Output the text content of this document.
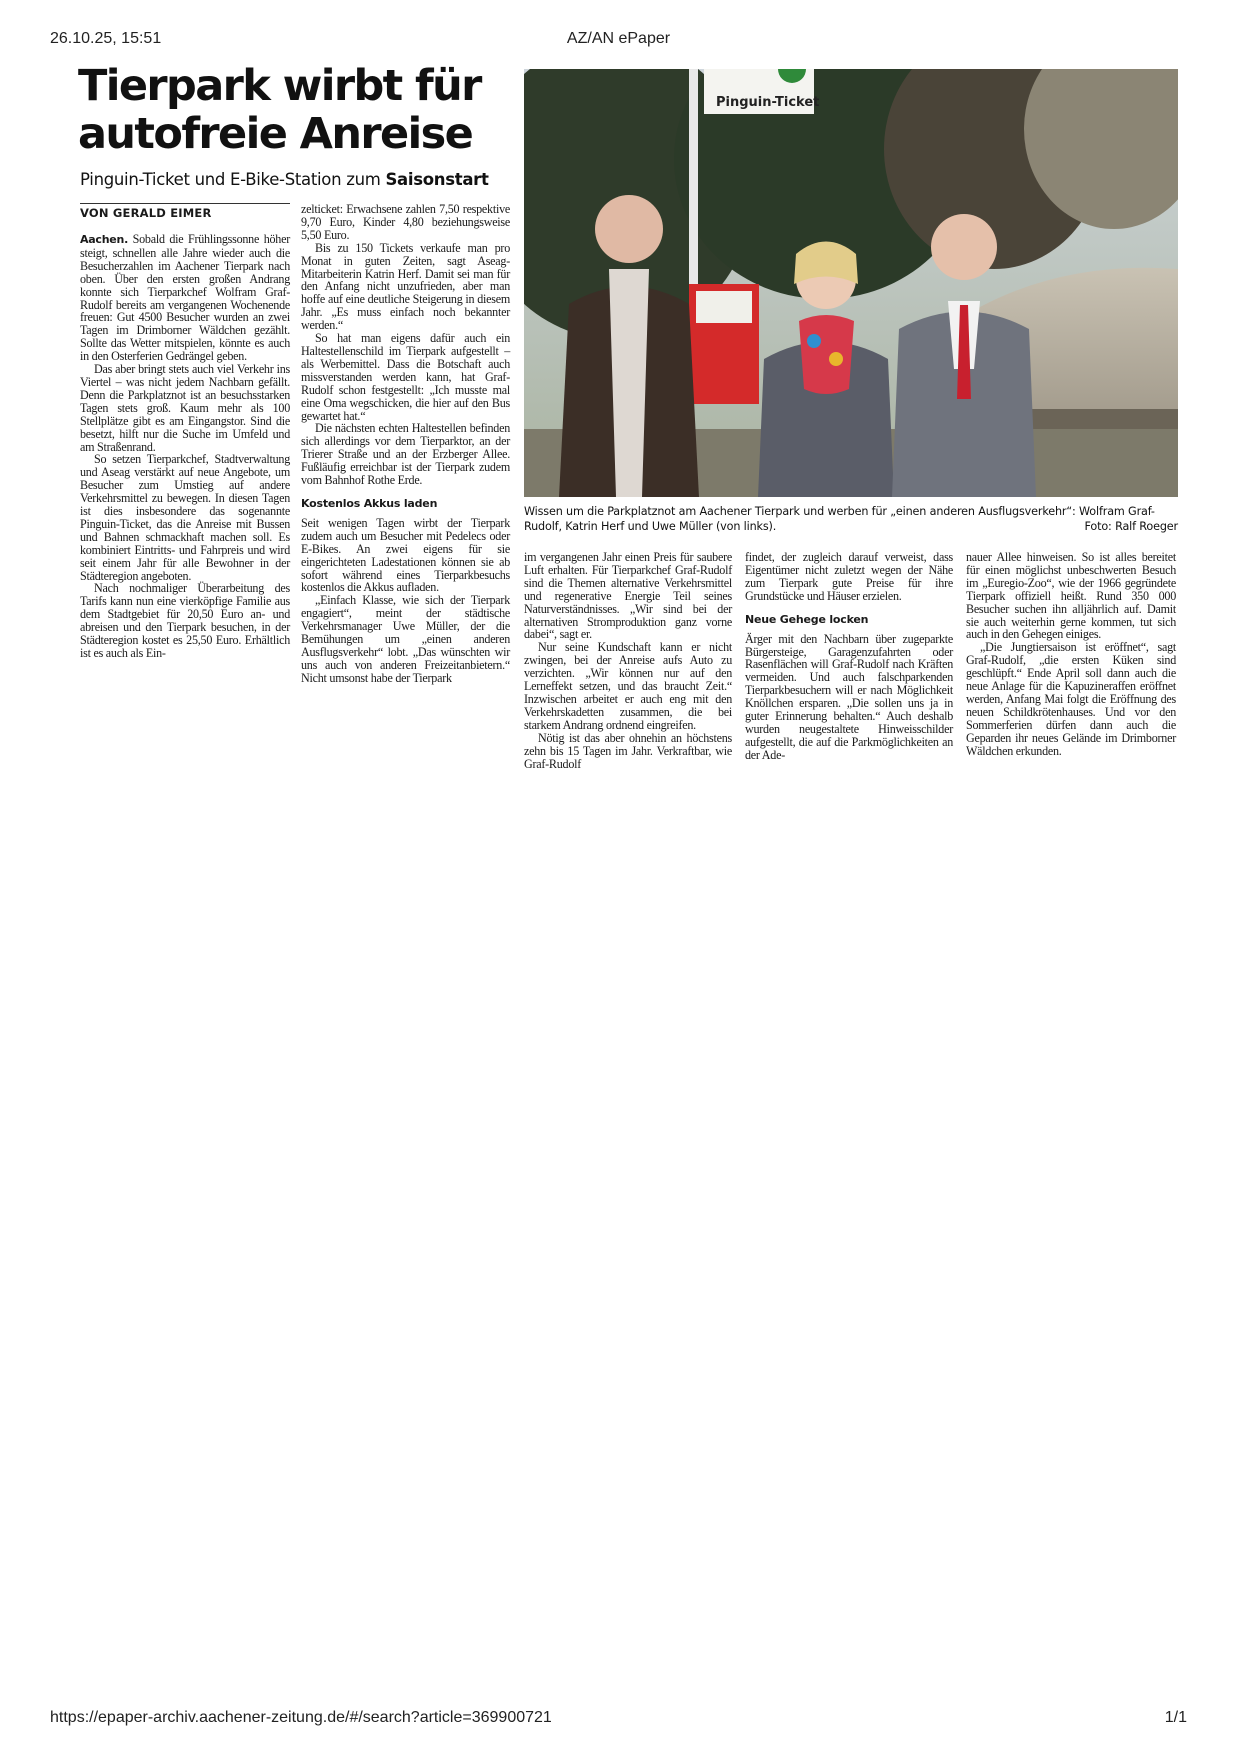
26.10.25, 15:51	AZ/AN ePaper
Tierpark wirbt für
autofreie Anreise
Pinguin-Ticket und E-Bike-Station zum Saisonstart
VON GERALD EIMER
Pinguin-Ticket
Wissen um die Parkplatznot am Aachener Tierpark und werben für „einen anderen Ausflugsverkehr“: Wolfram Graf-Rudolf, Katrin Herf und Uwe Müller (von links).	Foto: Ralf Roeger

Aachen. Sobald die Frühlingssonne höher steigt, schnellen alle Jahre wieder auch die Besucherzahlen im Aachener Tierpark nach oben. Über den ersten großen Andrang konnte sich Tierparkchef Wolfram Graf-Rudolf bereits am vergangenen Wochenende freuen: Gut 4500 Besucher wurden an zwei Tagen im Drimborner Wäldchen gezählt. Sollte das Wetter mitspielen, könnte es auch in den Osterferien Gedrängel geben.

Das aber bringt stets auch viel Verkehr ins Viertel – was nicht jedem Nachbarn gefällt. Denn die Parkplatznot ist an besuchsstarken Tagen stets groß. Kaum mehr als 100 Stellplätze gibt es am Eingangstor. Sind die besetzt, hilft nur die Suche im Umfeld und am Straßenrand.

So setzen Tierparkchef, Stadtverwaltung und Aseag verstärkt auf neue Angebote, um Besucher zum Umstieg auf andere Verkehrsmittel zu bewegen. In diesen Tagen ist dies insbesondere das sogenannte Pinguin-Ticket, das die Anreise mit Bussen und Bahnen schmackhaft machen soll. Es kombiniert Eintritts- und Fahrpreis und wird seit einem Jahr für alle Bewohner in der Städteregion angeboten.

Nach nochmaliger Überarbeitung des Tarifs kann nun eine vierköpfige Familie aus dem Stadtgebiet für 20,50 Euro an- und abreisen und den Tierpark besuchen, in der Städteregion kostet es 25,50 Euro. Erhältlich ist es auch als Ein-

zelticket: Erwachsene zahlen 7,50 respektive 9,70 Euro, Kinder 4,80 beziehungsweise 5,50 Euro.

Bis zu 150 Tickets verkaufe man pro Monat in guten Zeiten, sagt Aseag-Mitarbeiterin Katrin Herf. Damit sei man für den Anfang nicht unzufrieden, aber man hoffe auf eine deutliche Steigerung in diesem Jahr. „Es muss einfach noch bekannter werden.“

So hat man eigens dafür auch ein Haltestellenschild im Tierpark aufgestellt – als Werbemittel. Dass die Botschaft auch missverstanden werden kann, hat Graf-Rudolf schon festgestellt: „Ich musste mal eine Oma wegschicken, die hier auf den Bus gewartet hat.“

Die nächsten echten Haltestellen befinden sich allerdings vor dem Tierparktor, an der Trierer Straße und an der Erzberger Allee. Fußläufig erreichbar ist der Tierpark zudem vom Bahnhof Rothe Erde.

Kostenlos Akkus laden

Seit wenigen Tagen wirbt der Tierpark zudem auch um Besucher mit Pedelecs oder E-Bikes. An zwei eigens für sie eingerichteten Ladestationen können sie ab sofort während eines Tierparkbesuchs kostenlos die Akkus aufladen.

„Einfach Klasse, wie sich der Tierpark engagiert“, meint der städtische Verkehrsmanager Uwe Müller, der die Bemühungen um „einen anderen Ausflugsverkehr“ lobt. „Das wünschten wir uns auch von anderen Freizeitanbietern.“ Nicht umsonst habe der Tierpark

im vergangenen Jahr einen Preis für saubere Luft erhalten. Für Tierparkchef Graf-Rudolf sind die Themen alternative Verkehrsmittel und regenerative Energie Teil seines Naturverständnisses. „Wir sind bei der alternativen Stromproduktion ganz vorne dabei“, sagt er.

Nur seine Kundschaft kann er nicht zwingen, bei der Anreise aufs Auto zu verzichten. „Wir können nur auf den Lerneffekt setzen, und das braucht Zeit.“ Inzwischen arbeitet er auch eng mit den Verkehrskadetten zusammen, die bei starkem Andrang ordnend eingreifen.

Nötig ist das aber ohnehin an höchstens zehn bis 15 Tagen im Jahr. Verkraftbar, wie Graf-Rudolf

findet, der zugleich darauf verweist, dass Eigentümer nicht zuletzt wegen der Nähe zum Tierpark gute Preise für ihre Grundstücke und Häuser erzielen.

Neue Gehege locken

Ärger mit den Nachbarn über zugeparkte Bürgersteige, Garagenzufahrten oder Rasenflächen will Graf-Rudolf nach Kräften vermeiden. Und auch falschparkenden Tierparkbesuchern will er nach Möglichkeit Knöllchen ersparen. „Die sollen uns ja in guter Erinnerung behalten.“ Auch deshalb wurden neugestaltete Hinweisschilder aufgestellt, die auf die Parkmöglichkeiten an der Ade-

nauer Allee hinweisen. So ist alles bereitet für einen möglichst unbeschwerten Besuch im „Euregio-Zoo“, wie der 1966 gegründete Tierpark offiziell heißt. Rund 350 000 Besucher suchen ihn alljährlich auf. Damit sie auch weiterhin gerne kommen, tut sich auch in den Gehegen einiges.

„Die Jungtiersaison ist eröffnet“, sagt Graf-Rudolf, „die ersten Küken sind geschlüpft.“ Ende April soll dann auch die neue Anlage für die Kapuzineraffen eröffnet werden, Anfang Mai folgt die Eröffnung des neuen Schildkrötenhauses. Und vor den Sommerferien dürfen dann auch die Geparden ihr neues Gelände im Drimborner Wäldchen erkunden.

https://epaper-archiv.aachener-zeitung.de/#/search?article=369900721	1/1
